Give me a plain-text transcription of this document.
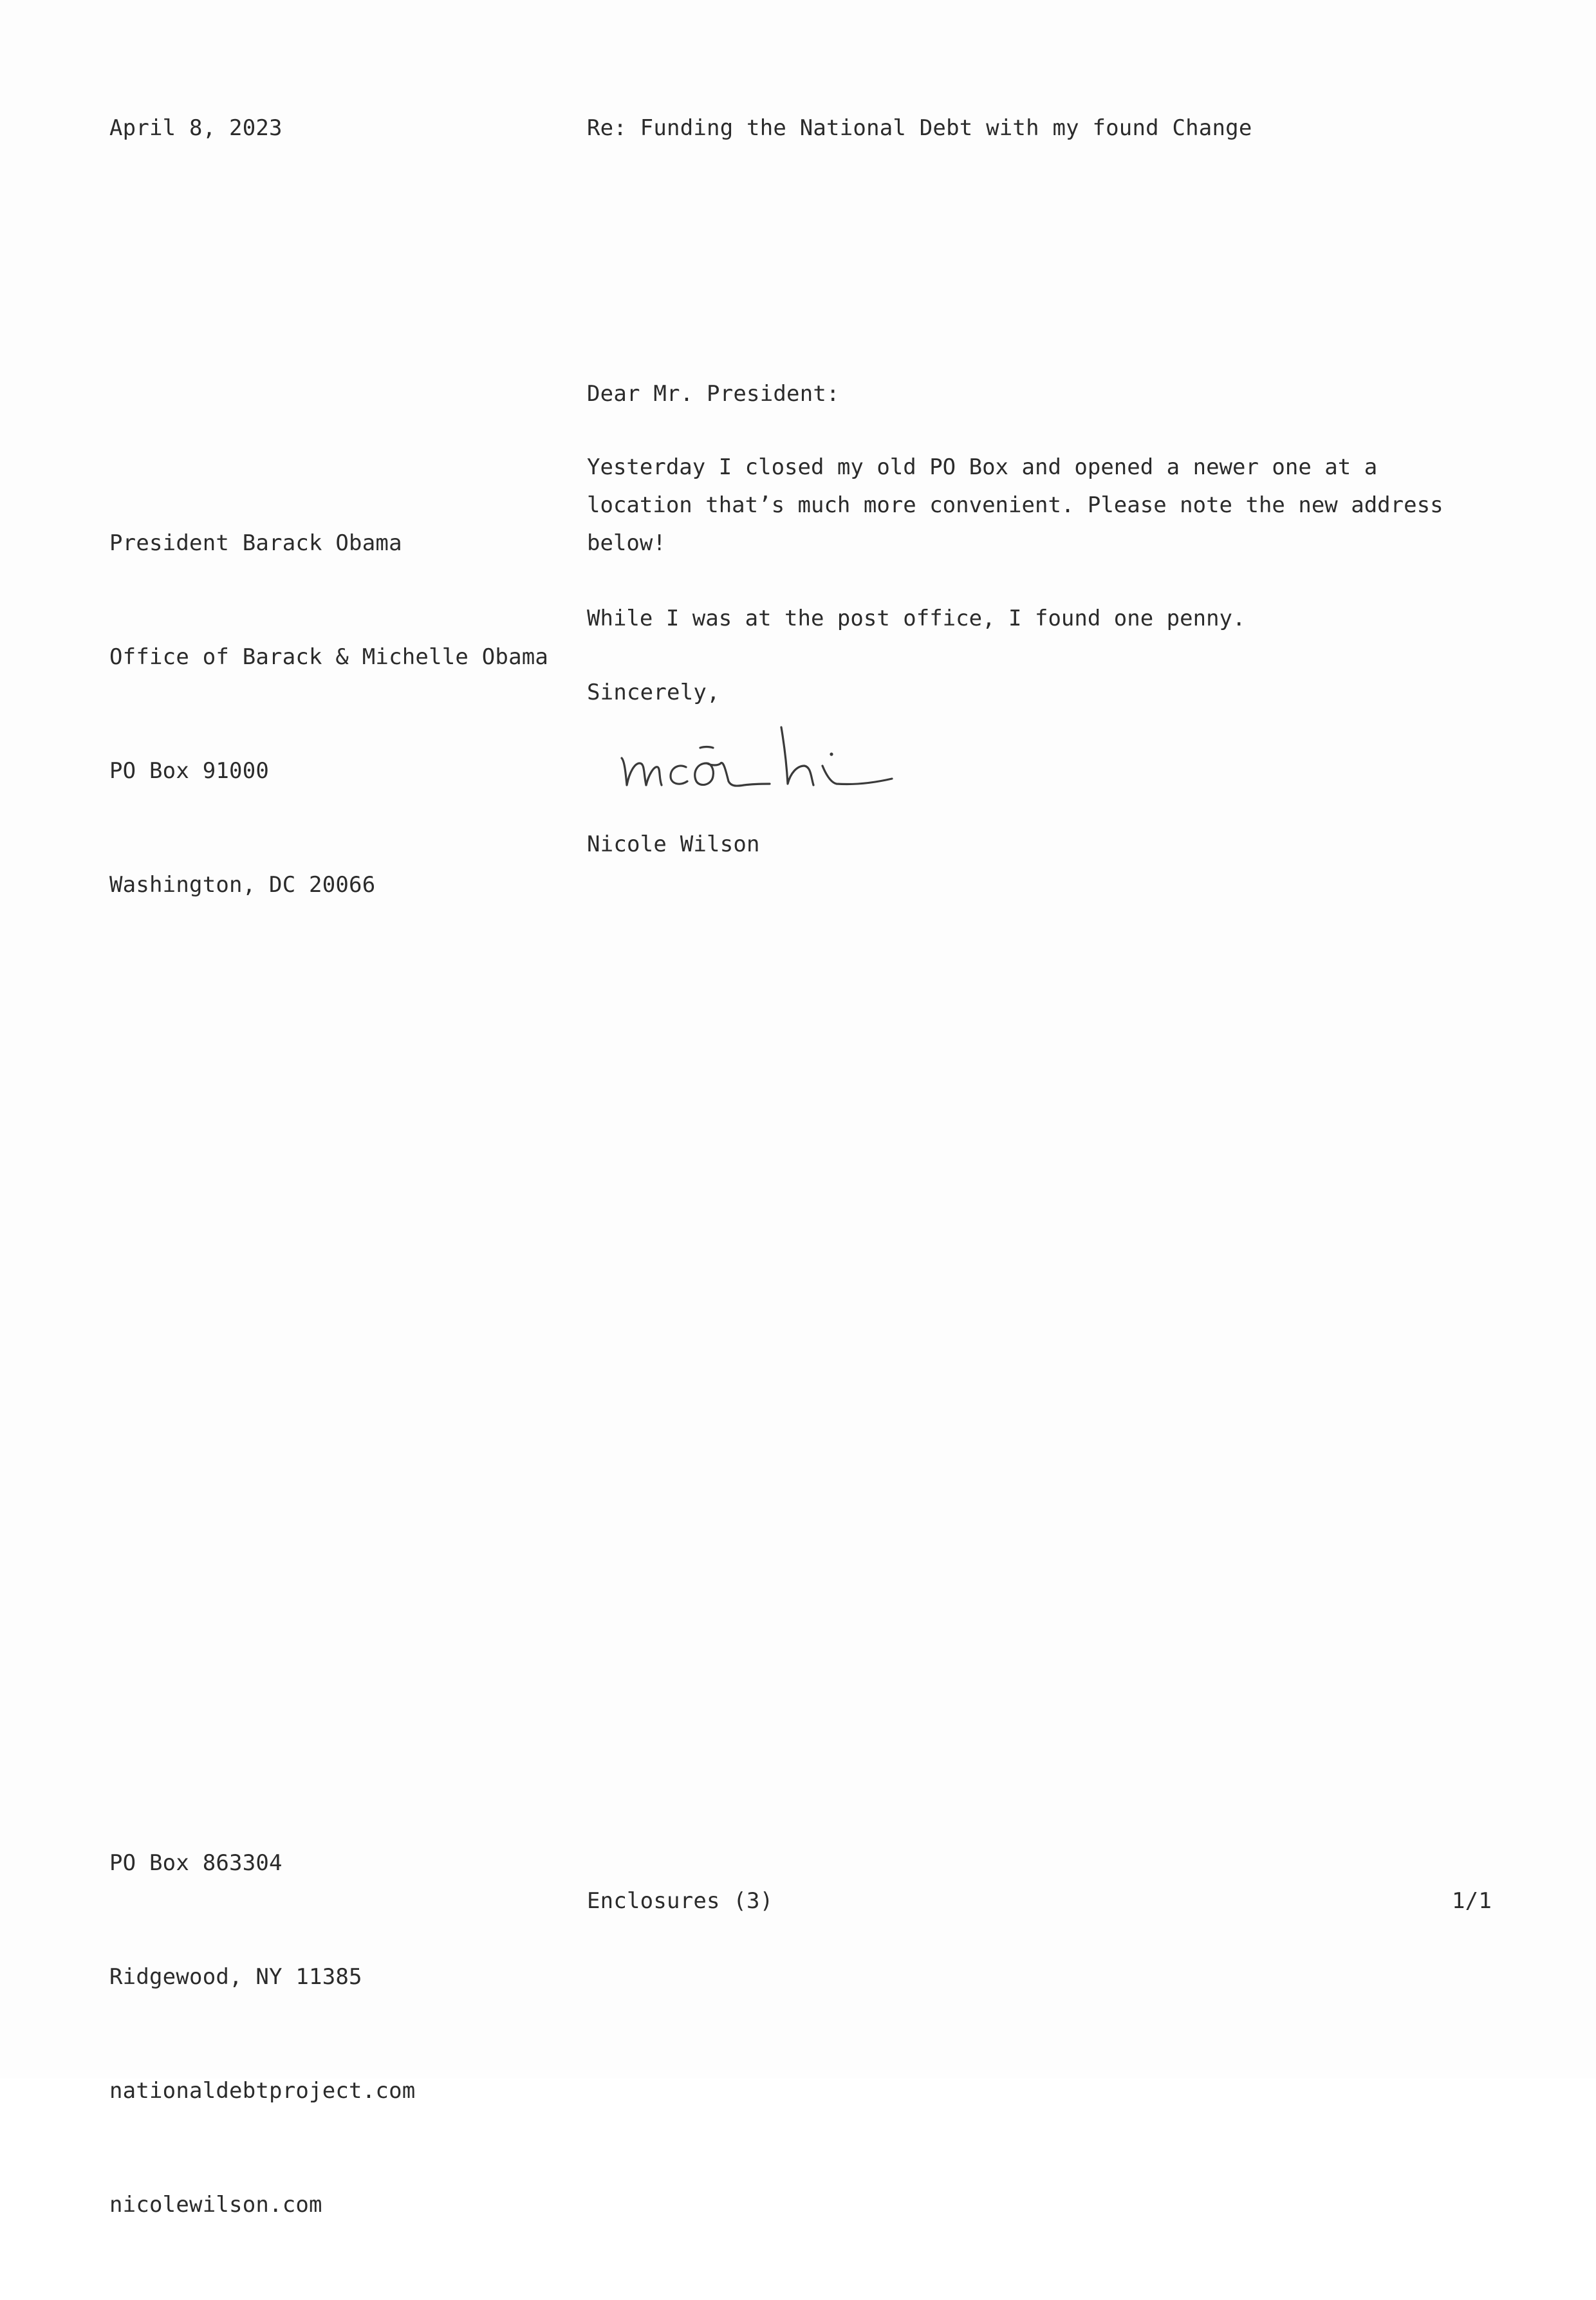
April 8, 2023	Re: Funding the National Debt with my found Change
Dear Mr. President:

President Barack Obama

Office of Barack & Michelle Obama

PO Box 91000

Washington, DC 20066

Yesterday I closed my old PO Box and opened a newer one at a
location that’s much more convenient. Please note the new address
below!

While I was at the post office, I found one penny.

Sincerely,
Nicole Wilson

PO Box 863304

Ridgewood, NY 11385

nationaldebtproject.com

nicolewilson.com

Enclosures (3)	1/1
